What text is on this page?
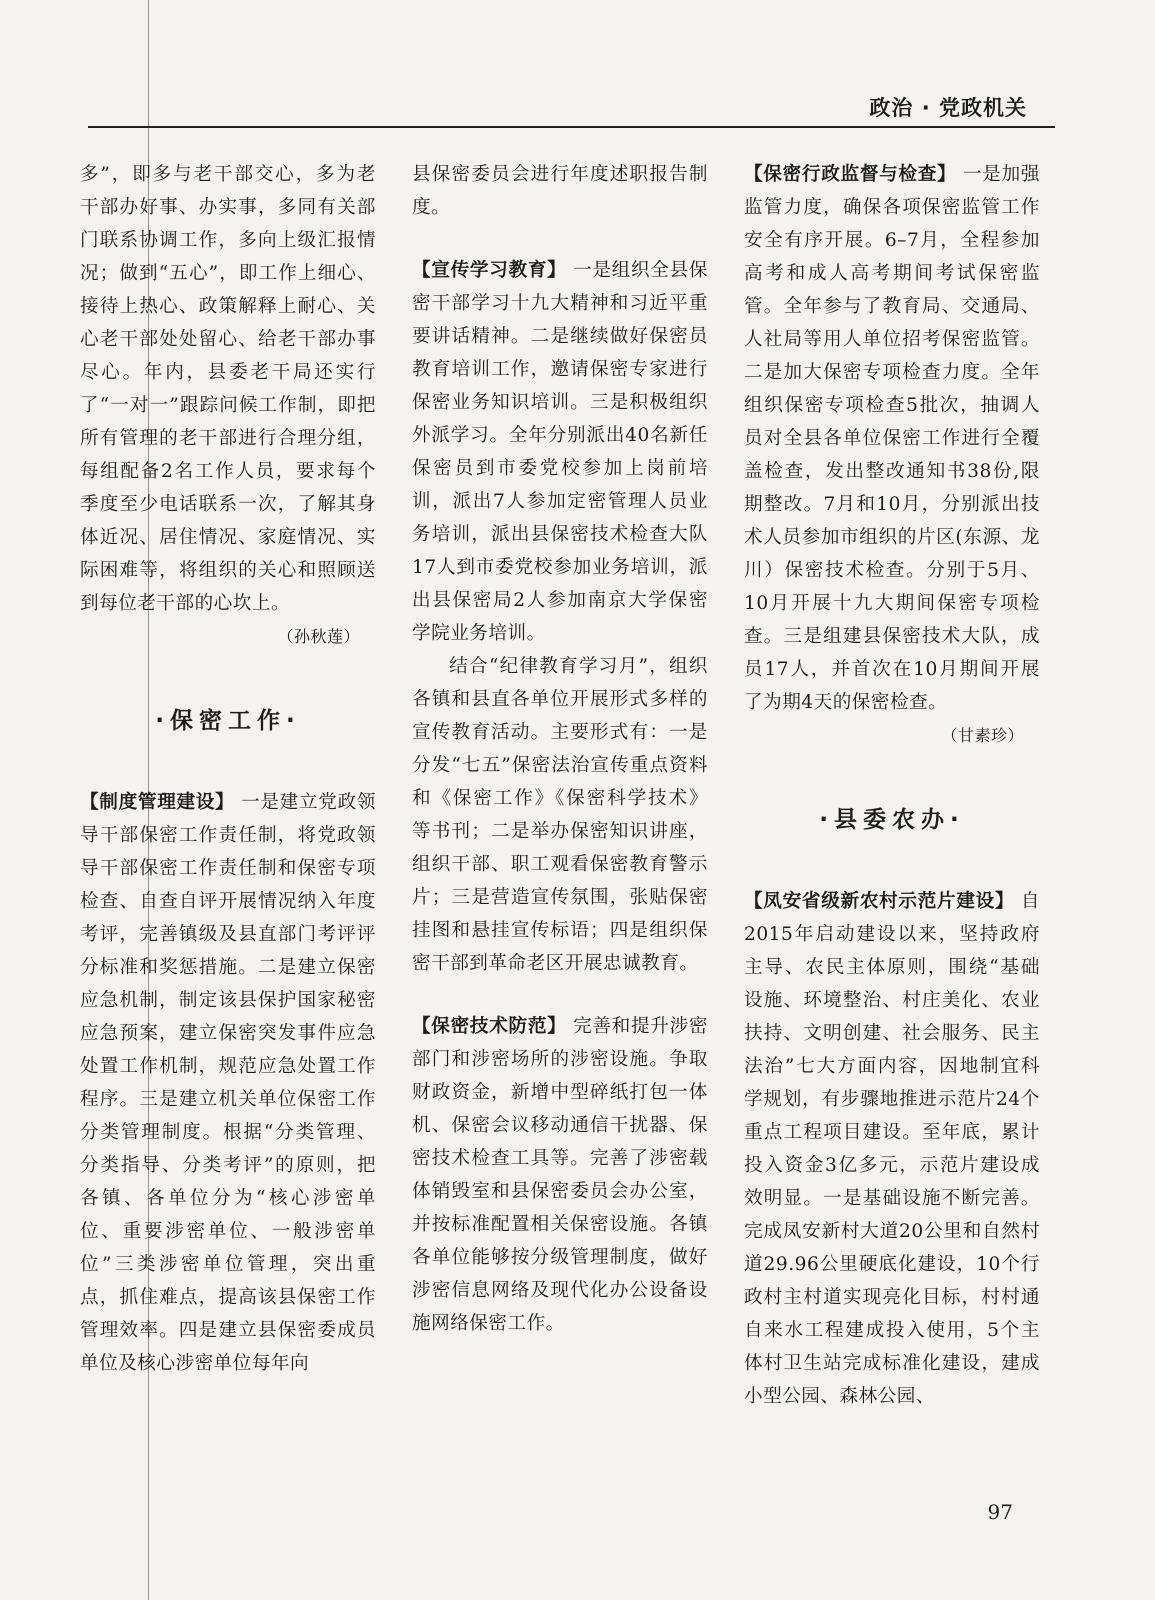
政治 · 党政机关

多”，即多与老干部交心，多为老干部办好事、办实事，多同有关部门联系协调工作，多向上级汇报情况；做到“五心”，即工作上细心、接待上热心、政策解释上耐心、关心老干部处处留心、给老干部办事尽心。年内，县委老干局还实行了“一对一”跟踪问候工作制，即把所有管理的老干部进行合理分组，每组配备2名工作人员，要求每个季度至少电话联系一次，了解其身体近况、居住情况、家庭情况、实际困难等，将组织的关心和照顾送到每位老干部的心坎上。

（孙秋莲）

·保密工作·

【制度管理建设】 一是建立党政领导干部保密工作责任制，将党政领导干部保密工作责任制和保密专项检查、自查自评开展情况纳入年度考评，完善镇级及县直部门考评评分标准和奖惩措施。二是建立保密应急机制，制定该县保护国家秘密应急预案，建立保密突发事件应急处置工作机制，规范应急处置工作程序。三是建立机关单位保密工作分类管理制度。根据“分类管理、分类指导、分类考评”的原则，把各镇、各单位分为“核心涉密单位、重要涉密单位、一般涉密单位”三类涉密单位管理，突出重点，抓住难点，提高该县保密工作管理效率。四是建立县保密委成员单位及核心涉密单位每年向

县保密委员会进行年度述职报告制度。

【宣传学习教育】 一是组织全县保密干部学习十九大精神和习近平重要讲话精神。二是继续做好保密员教育培训工作，邀请保密专家进行保密业务知识培训。三是积极组织外派学习。全年分别派出40名新任保密员到市委党校参加上岗前培训，派出7人参加定密管理人员业务培训，派出县保密技术检查大队17人到市委党校参加业务培训，派出县保密局2人参加南京大学保密学院业务培训。

结合“纪律教育学习月”，组织各镇和县直各单位开展形式多样的宣传教育活动。主要形式有：一是分发“七五”保密法治宣传重点资料和《保密工作》《保密科学技术》等书刊；二是举办保密知识讲座，组织干部、职工观看保密教育警示片；三是营造宣传氛围，张贴保密挂图和悬挂宣传标语；四是组织保密干部到革命老区开展忠诚教育。

【保密技术防范】 完善和提升涉密部门和涉密场所的涉密设施。争取财政资金，新增中型碎纸打包一体机、保密会议移动通信干扰器、保密技术检查工具等。完善了涉密载体销毁室和县保密委员会办公室，并按标准配置相关保密设施。各镇各单位能够按分级管理制度，做好涉密信息网络及现代化办公设备设施网络保密工作。

【保密行政监督与检查】 一是加强监管力度，确保各项保密监管工作安全有序开展。6–7月，全程参加高考和成人高考期间考试保密监管。全年参与了教育局、交通局、人社局等用人单位招考保密监管。二是加大保密专项检查力度。全年组织保密专项检查5批次，抽调人员对全县各单位保密工作进行全覆盖检查，发出整改通知书38份,限期整改。7月和10月，分别派出技术人员参加市组织的片区(东源、龙川）保密技术检查。分别于5月、10月开展十九大期间保密专项检查。三是组建县保密技术大队，成员17人，并首次在10月期间开展了为期4天的保密检查。

（甘素珍）

·县委农办·

【凤安省级新农村示范片建设】 自2015年启动建设以来，坚持政府主导、农民主体原则，围绕“基础设施、环境整治、村庄美化、农业扶持、文明创建、社会服务、民主法治”七大方面内容，因地制宜科学规划，有步骤地推进示范片24个重点工程项目建设。至年底，累计投入资金3亿多元，示范片建设成效明显。一是基础设施不断完善。完成凤安新村大道20公里和自然村道29.96公里硬底化建设，10个行政村主村道实现亮化目标，村村通自来水工程建成投入使用，5个主体村卫生站完成标准化建设，建成小型公园、森林公园、

97
